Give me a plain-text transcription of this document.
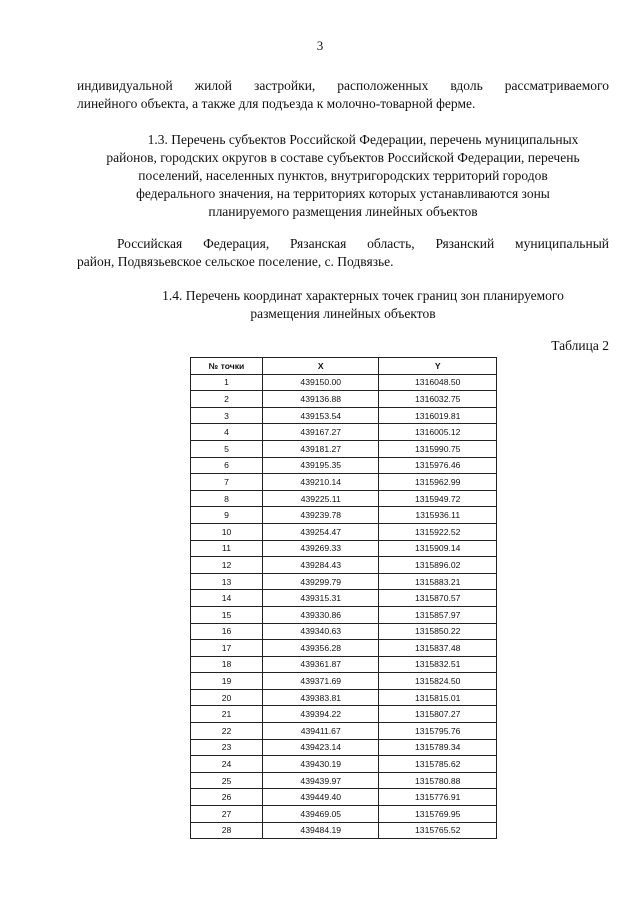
3
индивидуальной жилой застройки, расположенных вдоль рассматриваемого
линейного объекта, а также для подъезда к молочно-товарной ферме.
1.3. Перечень субъектов Российской Федерации, перечень муниципальных
районов, городских округов в составе субъектов Российской Федерации, перечень
поселений, населенных пунктов, внутригородских территорий городов
федерального значения, на территориях которых устанавливаются зоны
планируемого размещения линейных объектов
Российская Федерация, Рязанская область, Рязанский муниципальный
район, Подвязьевское сельское поселение, с. Подвязье.
1.4. Перечень координат характерных точек границ зон планируемого
размещения линейных объектов
Таблица 2
№ точки	X	Y
1	439150.00	1316048.50
2	439136.88	1316032.75
3	439153.54	1316019.81
4	439167.27	1316005.12
5	439181.27	1315990.75
6	439195.35	1315976.46
7	439210.14	1315962.99
8	439225.11	1315949.72
9	439239.78	1315936.11
10	439254.47	1315922.52
11	439269.33	1315909.14
12	439284.43	1315896.02
13	439299.79	1315883.21
14	439315.31	1315870.57
15	439330.86	1315857.97
16	439340.63	1315850.22
17	439356.28	1315837.48
18	439361.87	1315832.51
19	439371.69	1315824.50
20	439383.81	1315815.01
21	439394.22	1315807.27
22	439411.67	1315795.76
23	439423.14	1315789.34
24	439430.19	1315785.62
25	439439.97	1315780.88
26	439449.40	1315776.91
27	439469.05	1315769.95
28	439484.19	1315765.52
